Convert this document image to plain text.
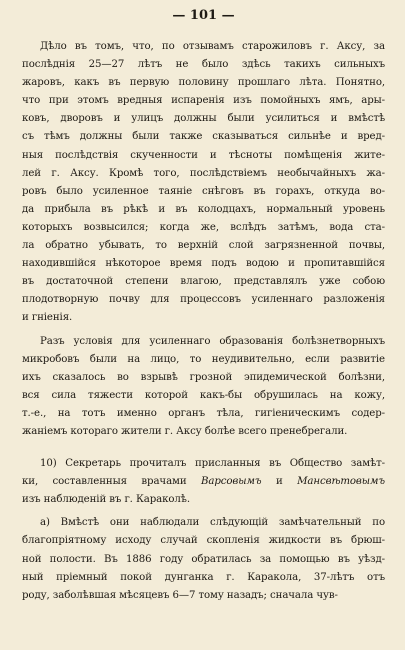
— 101 —
Дѣло въ томъ, что, по отзывамъ старожиловъ г. Аксу, за
послѣднія 25—27 лѣтъ не было здѣсь такихъ сильныхъ
жаровъ, какъ въ первую половину прошлаго лѣта. Понятно,
что при этомъ вредныя испаренія изъ помойныхъ ямъ, ары-
ковъ, дворовъ и улицъ должны были усилиться и вмѣстѣ
съ тѣмъ должны были также сказываться сильнѣе и вред-
ныя послѣдствія скученности и тѣсноты помѣщенія жите-
лей г. Аксу. Кромѣ того, послѣдствіемъ необычайныхъ жа-
ровъ было усиленное таяніе снѣговъ въ горахъ, откуда во-
да прибыла въ рѣкѣ и въ колодцахъ, нормальный уровень
которыхъ возвысился; когда же, вслѣдъ затѣмъ, вода ста-
ла обратно убывать, то верхній слой загрязненной почвы,
находившійся нѣкоторое время подъ водою и пропитавшійся
въ достаточной степени влагою, представлялъ уже собою
плодотворную почву для процессовъ усиленнаго разложенія
и гніенія.
Разъ условія для усиленнаго образованія болѣзнетворныхъ
микробовъ были на лицо, то неудивительно, если развитіе
ихъ сказалось во взрывѣ грозной эпидемической болѣзни,
вся сила тяжести которой какъ-бы обрушилась на кожу,
т.-е., на тотъ именно органъ тѣла, гигіеническимъ содер-
жаніемъ котораго жители г. Аксу болѣе всего пренебрегали.
10) Секретарь прочиталъ присланныя въ Общество замѣт-
ки, составленныя врачами Варсовымъ и Мансвѣтовымъ
изъ наблюденій въ г. Караколѣ.
а) Вмѣстѣ они наблюдали слѣдующій замѣчательный по
благопріятному исходу случай скопленія жидкости въ брюш-
ной полости. Въ 1886 году обратилась за помощью въ уѣзд-
ный пріемный покой дунганка г. Каракола, 37-лѣтъ отъ
роду, заболѣвшая мѣсяцевъ 6—7 тому назадъ; сначала чув-
